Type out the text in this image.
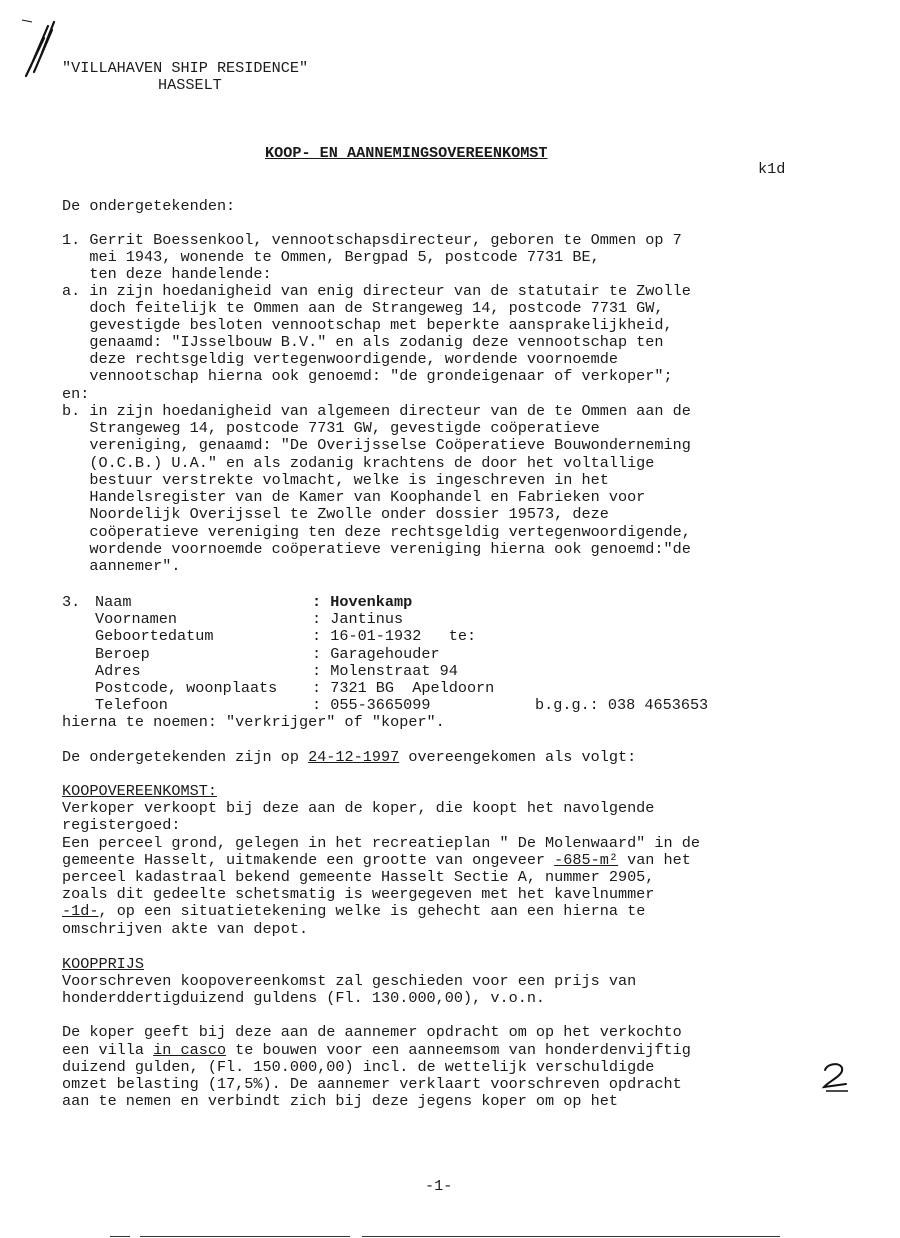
"VILLAHAVEN SHIP RESIDENCE"
HASSELT
KOOP- EN AANNEMINGSOVEREENKOMST
k1d
De ondergetekenden:
1. Gerrit Boessenkool, vennootschapsdirecteur, geboren te Ommen op 7
mei 1943, wonende te Ommen, Bergpad 5, postcode 7731 BE,
ten deze handelende:
a. in zijn hoedanigheid van enig directeur van de statutair te Zwolle
doch feitelijk te Ommen aan de Strangeweg 14, postcode 7731 GW,
gevestigde besloten vennootschap met beperkte aansprakelijkheid,
genaamd: "IJsselbouw B.V." en als zodanig deze vennootschap ten
deze rechtsgeldig vertegenwoordigende, wordende voornoemde
vennootschap hierna ook genoemd: "de grondeigenaar of verkoper";
en:
b. in zijn hoedanigheid van algemeen directeur van de te Ommen aan de
Strangeweg 14, postcode 7731 GW, gevestigde coöperatieve
vereniging, genaamd: "De Overijsselse Coöperatieve Bouwonderneming
(O.C.B.) U.A." en als zodanig krachtens de door het voltallige
bestuur verstrekte volmacht, welke is ingeschreven in het
Handelsregister van de Kamer van Koophandel en Fabrieken voor
Noordelijk Overijssel te Zwolle onder dossier 19573, deze
coöperatieve vereniging ten deze rechtsgeldig vertegenwoordigende,
wordende voornoemde coöperatieve vereniging hierna ook genoemd:"de
aannemer".
3. Naam	: Hovenkamp
Voornamen	: Jantinus
Geboortedatum	: 16-01-1932   te:
Beroep	: Garagehouder
Adres	: Molenstraat 94
Postcode, woonplaats : 7321 BG  Apeldoorn
Telefoon	: 055-3665099	b.g.g.: 038 4653653
hierna te noemen: "verkrijger" of "koper".
De ondergetekenden zijn op 24-12-1997 overeengekomen als volgt:
KOOPOVEREENKOMST:
Verkoper verkoopt bij deze aan de koper, die koopt het navolgende
registergoed:
Een perceel grond, gelegen in het recreatieplan " De Molenwaard" in de
gemeente Hasselt, uitmakende een grootte van ongeveer -685-m² van het
perceel kadastraal bekend gemeente Hasselt Sectie A, nummer 2905,
zoals dit gedeelte schetsmatig is weergegeven met het kavelnummer
-1d-, op een situatietekening welke is gehecht aan een hierna te
omschrijven akte van depot.
KOOPPRIJS
Voorschreven koopovereenkomst zal geschieden voor een prijs van
honderddertigduizend guldens (Fl. 130.000,00), v.o.n.
De koper geeft bij deze aan de aannemer opdracht om op het verkochto
een villa in casco te bouwen voor een aanneemsom van honderdenvijftig
duizend gulden, (Fl. 150.000,00) incl. de wettelijk verschuldigde
omzet belasting (17,5%). De aannemer verklaart voorschreven opdracht
aan te nemen en verbindt zich bij deze jegens koper om op het
-1-
